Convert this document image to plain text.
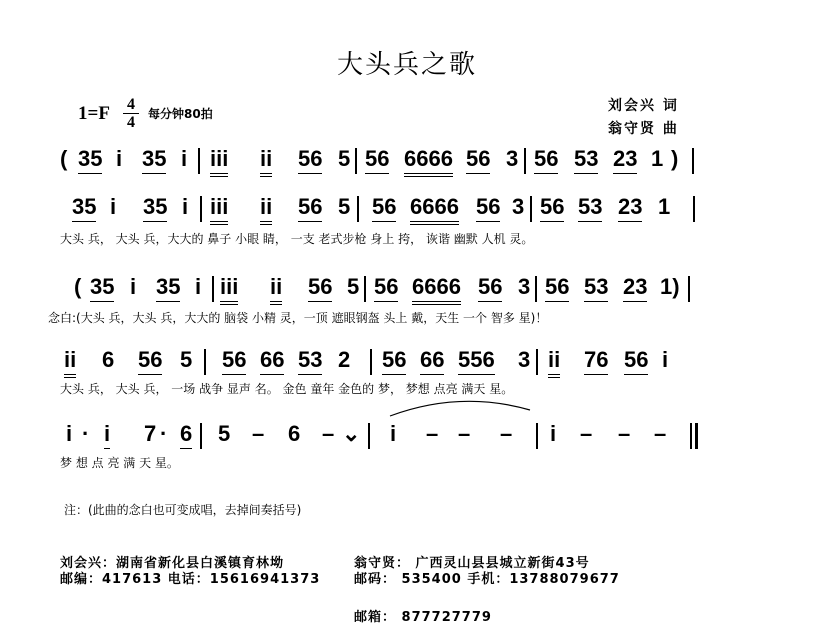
大头兵之歌
1=F 4
4	每分钟80拍	刘会兴 词
翁守贤 曲
( 35 i 35 i iii ii 56 5 56 6666 56 3 56 53 23 1 )
35 i 35 i iii ii 56 5 56 6666 56 3 56 53 23 1
大头 兵， 大头 兵，大大的 鼻子 小眼 睛， 一支 老式步枪 身上 挎， 诙谐 幽默 人机 灵。
( 35 i 35 i iii ii 56 5 56 6666 56 3 56 53 23 1)
念白:(大头 兵，大头 兵，大大的 脑袋 小精 灵，一顶 遮眼钢盔 头上 戴，天生 一个 智多 星)！
ii 6 56 5 56 66 53 2 56 66 556 3 ii 76 56 i
大头 兵， 大头 兵， 一场 战争 显声 名。 金色 童年 金色的 梦， 梦想 点亮 满天 星。
i · i 7 · 6 5 – 6 – ⌄ i – – – i – – –
梦 想 点 亮 满 天 星。
注：(此曲的念白也可变成唱，去掉间奏括号)
刘会兴：湖南省新化县白溪镇育林坳
邮编：417613 电话：15616941373
翁守贤： 广西灵山县县城立新街43号
邮码： 535400 手机：13788079677
邮箱： 877727779
